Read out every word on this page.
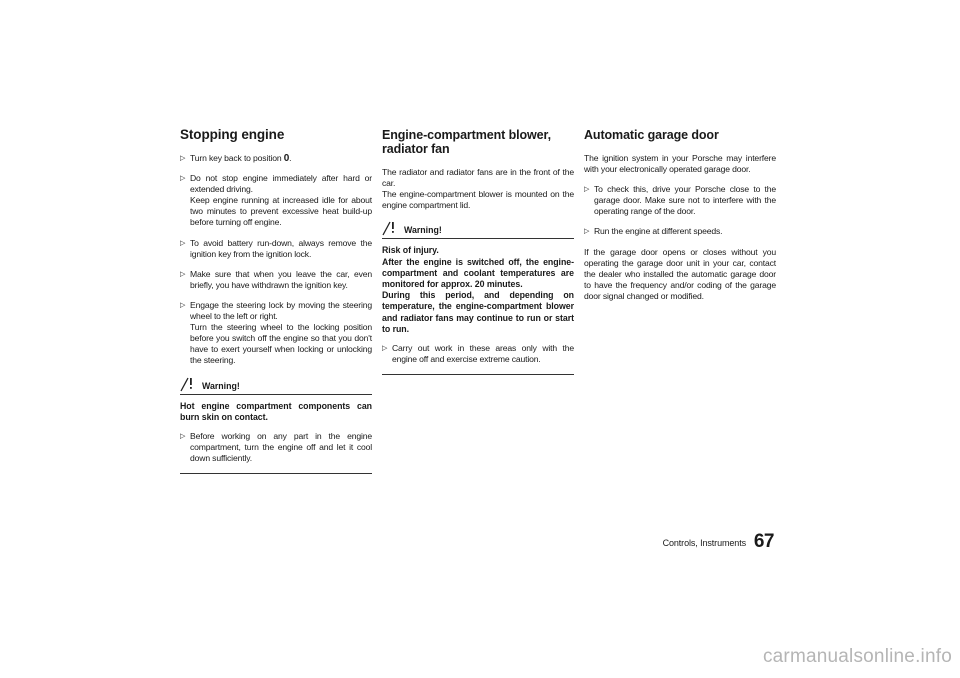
Stopping engine
▷ Turn key back to position 0.
▷ Do not stop engine immediately after hard or extended driving.
Keep engine running at increased idle for about two minutes to prevent excessive heat build-up before turning off engine.
▷ To avoid battery run-down, always remove the ignition key from the ignition lock.
▷ Make sure that when you leave the car, even briefly, you have withdrawn the ignition key.
▷ Engage the steering lock by moving the steering wheel to the left or right.
Turn the steering wheel to the locking position before you switch off the engine so that you don't have to exert yourself when locking or unlocking the steering.
Warning!

Hot engine compartment components can burn skin on contact.

▷ Before working on any part in the engine compartment, turn the engine off and let it cool down sufficiently.
Engine-compartment blower,
radiator fan

The radiator and radiator fans are in the front of the car.
The engine-compartment blower is mounted on the engine compartment lid.

Warning!

Risk of injury.
After the engine is switched off, the engine-compartment and coolant temperatures are monitored for approx. 20 minutes.
During this period, and depending on temperature, the engine-compartment blower and radiator fans may continue to run or start to run.

▷ Carry out work in these areas only with the engine off and exercise extreme caution.
Automatic garage door

The ignition system in your Porsche may interfere with your electronically operated garage door.

▷ To check this, drive your Porsche close to the garage door. Make sure not to interfere with the operating range of the door.
▷ Run the engine at different speeds.

If the garage door opens or closes without you operating the garage door unit in your car, contact the dealer who installed the automatic garage door to have the frequency and/or coding of the garage door signal changed or modified.

Controls, Instruments 67
carmanualsonline.info
